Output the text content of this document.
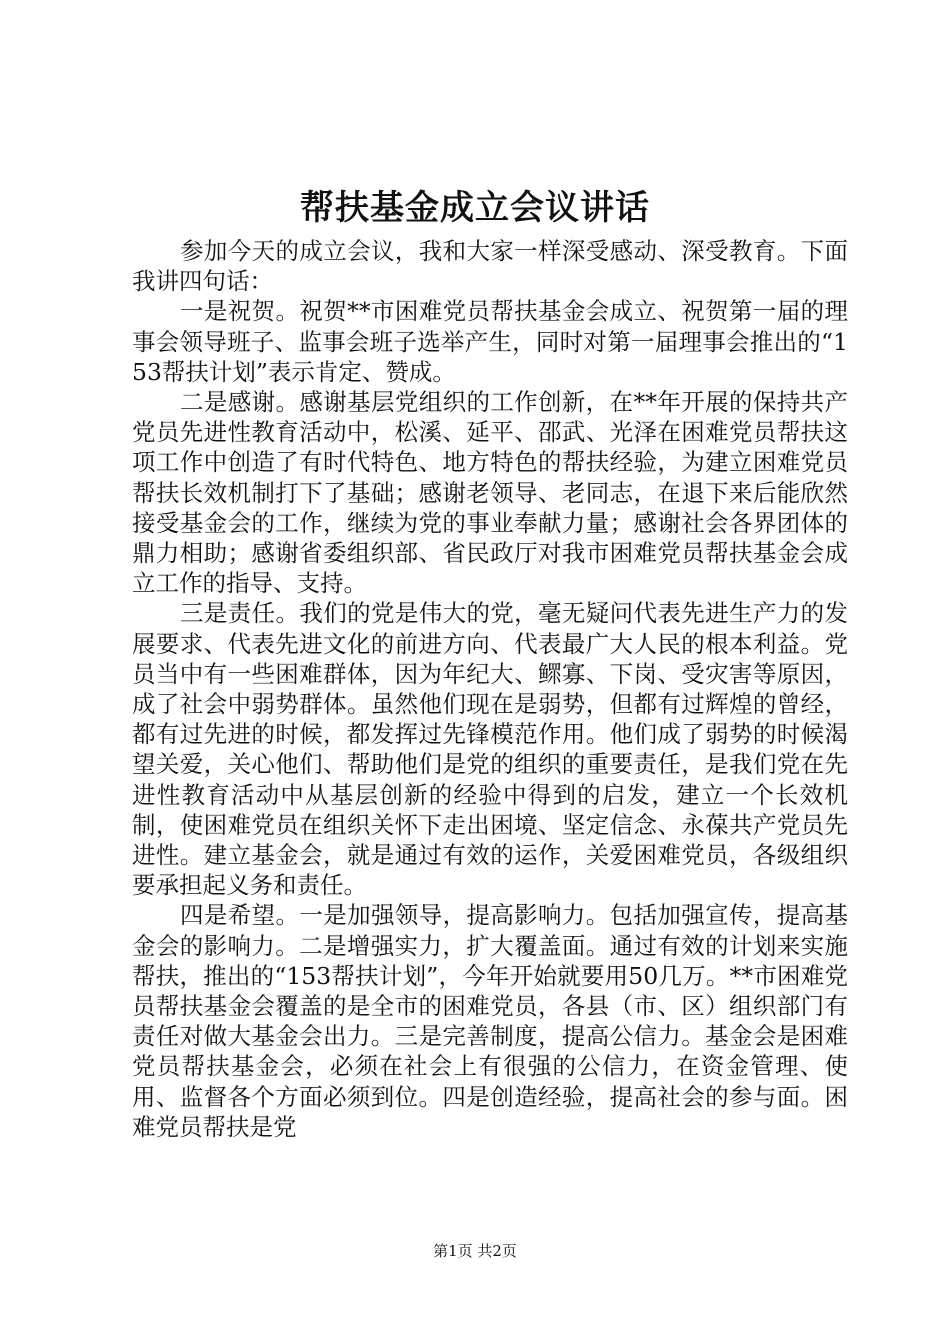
帮扶基金成立会议讲话

参加今天的成立会议，我和大家一样深受感动、深受教育。下面我讲四句话：

一是祝贺。祝贺**市困难党员帮扶基金会成立、祝贺第一届的理事会领导班子、监事会班子选举产生，同时对第一届理事会推出的“153帮扶计划”表示肯定、赞成。

二是感谢。感谢基层党组织的工作创新，在**年开展的保持共产党员先进性教育活动中，松溪、延平、邵武、光泽在困难党员帮扶这项工作中创造了有时代特色、地方特色的帮扶经验，为建立困难党员帮扶长效机制打下了基础；感谢老领导、老同志，在退下来后能欣然接受基金会的工作，继续为党的事业奉献力量；感谢社会各界团体的鼎力相助；感谢省委组织部、省民政厅对我市困难党员帮扶基金会成立工作的指导、支持。

三是责任。我们的党是伟大的党，毫无疑问代表先进生产力的发展要求、代表先进文化的前进方向、代表最广大人民的根本利益。党员当中有一些困难群体，因为年纪大、鳏寡、下岗、受灾害等原因，成了社会中弱势群体。虽然他们现在是弱势，但都有过辉煌的曾经，都有过先进的时候，都发挥过先锋模范作用。他们成了弱势的时候渴望关爱，关心他们、帮助他们是党的组织的重要责任，是我们党在先进性教育活动中从基层创新的经验中得到的启发，建立一个长效机制，使困难党员在组织关怀下走出困境、坚定信念、永葆共产党员先进性。建立基金会，就是通过有效的运作，关爱困难党员，各级组织要承担起义务和责任。

四是希望。一是加强领导，提高影响力。包括加强宣传，提高基金会的影响力。二是增强实力，扩大覆盖面。通过有效的计划来实施帮扶，推出的“153帮扶计划”，今年开始就要用50几万。**市困难党员帮扶基金会覆盖的是全市的困难党员，各县（市、区）组织部门有责任对做大基金会出力。三是完善制度，提高公信力。基金会是困难党员帮扶基金会，必须在社会上有很强的公信力，在资金管理、使用、监督各个方面必须到位。四是创造经验，提高社会的参与面。困难党员帮扶是党

第1页 共2页
